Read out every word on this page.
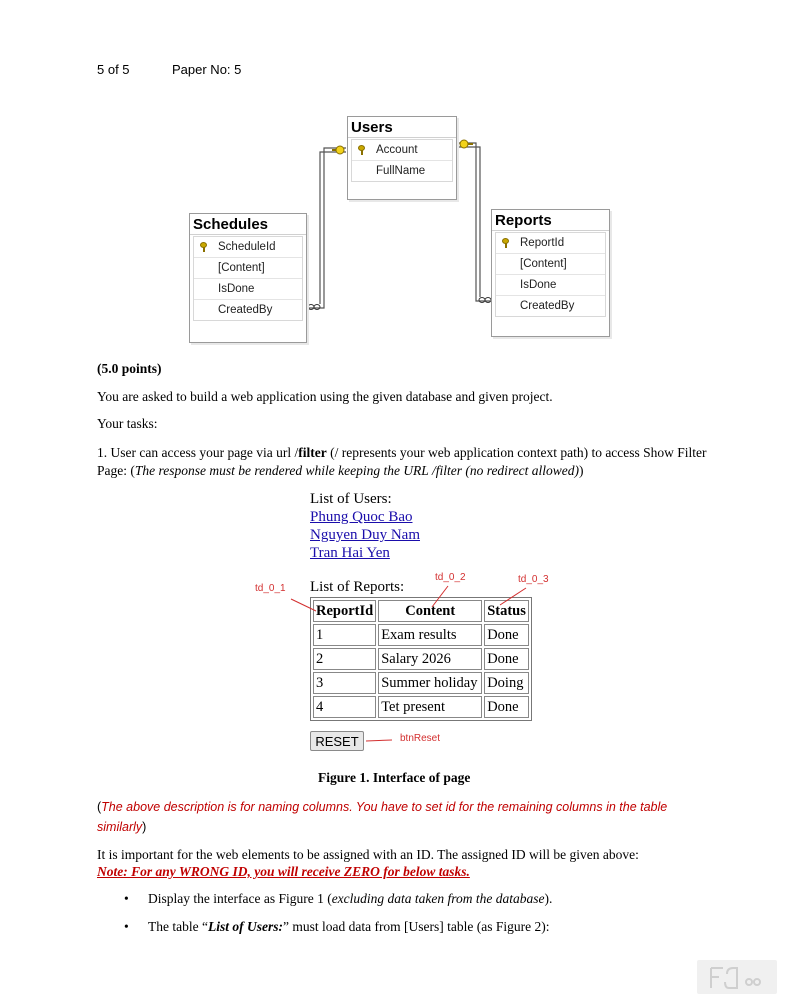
5 of 5	Paper No: 5
Users
Account
FullName
Schedules
ScheduleId
[Content]
IsDone
CreatedBy
Reports
ReportId
[Content]
IsDone
CreatedBy
(5.0 points)
You are asked to build a web application using the given database and given project.
Your tasks:
1. User can access your page via url /filter (/ represents your web application context path) to access Show Filter Page: (The response must be rendered while keeping the URL /filter (no redirect allowed))
List of Users:
Phung Quoc Bao
Nguyen Duy Nam
Tran Hai Yen
List of Reports:
ReportId	Content	Status
1	Exam results	Done
2	Salary 2026	Done
3	Summer holiday	Doing
4	Tet present	Done
td_0_1
td_0_2	td_0_3
btnReset
RESET
Figure 1. Interface of page
(The above description is for naming columns. You have to set id for the remaining columns in the table similarly)
It is important for the web elements to be assigned with an ID. The assigned ID will be given above:
Note: For any WRONG ID, you will receive ZERO for below tasks.
• Display the interface as Figure 1 (excluding data taken from the database).
• The table “List of Users:” must load data from [Users] table (as Figure 2):
